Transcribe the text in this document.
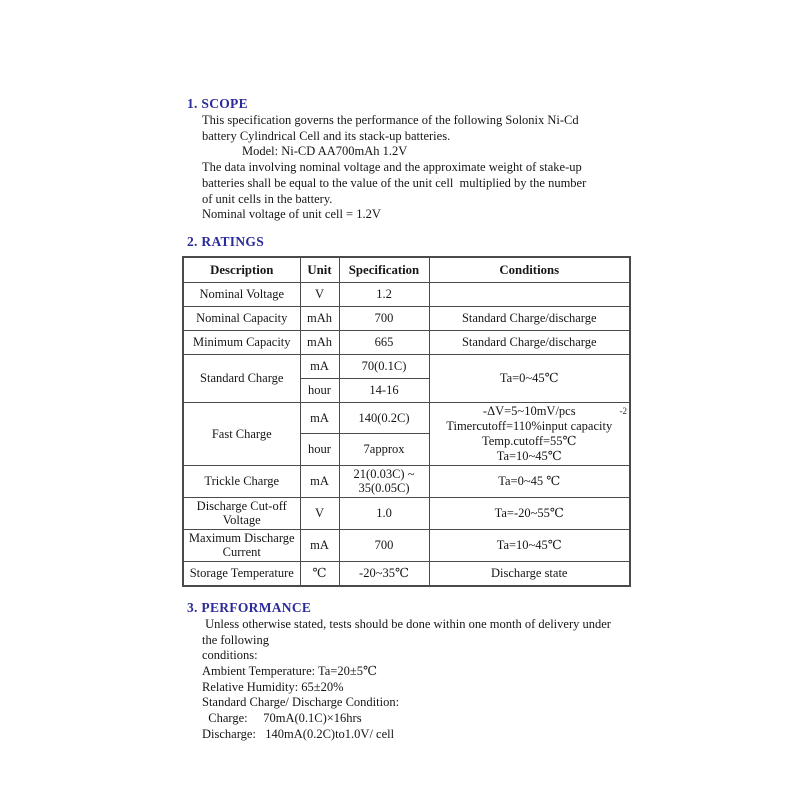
1. SCOPE
This specification governs the performance of the following Solonix Ni-Cd
battery Cylindrical Cell and its stack-up batteries.
Model: Ni-CD AA700mAh 1.2V
The data involving nominal voltage and the approximate weight of stake-up
batteries shall be equal to the value of the unit cell  multiplied by the number
of unit cells in the battery.
Nominal voltage of unit cell = 1.2V
2. RATINGS
Description	Unit	Specification	Conditions
Nominal Voltage	V	1.2	
Nominal Capacity	mAh	700	Standard Charge/discharge
Minimum Capacity	mAh	665	Standard Charge/discharge
Standard Charge	mA	70(0.1C)	Ta=0~45℃
	hour	14-16	
Fast Charge	mA	140(0.2C)	-2
-ΔV=5~10mV/pcs
Timercutoff=110%input capacity
Temp.cutoff=55℃
Ta=10~45℃

	hour	7approx	
Trickle Charge	mA	21(0.03C) ~
35(0.05C)	Ta=0~45 ℃
Discharge Cut-off Voltage	V	1.0	Ta=-20~55℃
Maximum Discharge Current	mA	700	Ta=10~45℃
Storage Temperature	℃	-20~35℃	Discharge state
3. PERFORMANCE
Unless otherwise stated, tests should be done within one month of delivery under
the following
conditions:
Ambient Temperature: Ta=20±5℃
Relative Humidity: 65±20%
Standard Charge/ Discharge Condition:
Charge:     70mA(0.1C)×16hrs
Discharge:   140mA(0.2C)to1.0V/ cell
